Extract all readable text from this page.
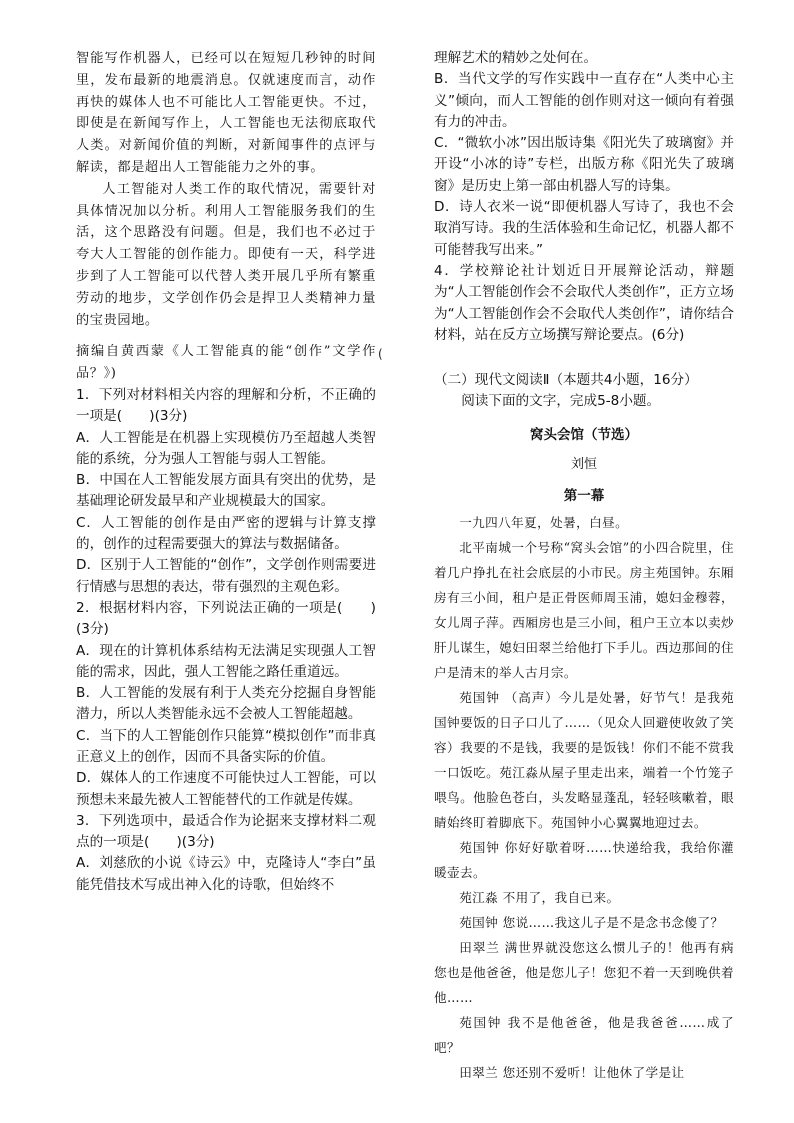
智能写作机器人，已经可以在短短几秒钟的时间里，发布最新的地震消息。仅就速度而言，动作再快的媒体人也不可能比人工智能更快。不过，即使是在新闻写作上，人工智能也无法彻底取代人类。对新闻价值的判断，对新闻事件的点评与解读，都是超出人工智能能力之外的事。
人工智能对人类工作的取代情况，需要针对具体情况加以分析。利用人工智能服务我们的生活，这个思路没有问题。但是，我们也不必过于夸大人工智能的创作能力。即使有一天，科学进步到了人工智能可以代替人类开展几乎所有繁重劳动的地步，文学创作仍会是捍卫人类精神力量的宝贵园地。
摘编自黄西蒙《人工智能真的能“创作”文学作品？》)
1．下列对材料相关内容的理解和分析，不正确的一项是(　　)(3分)
A．人工智能是在机器上实现模仿乃至超越人类智能的系统，分为强人工智能与弱人工智能。
B．中国在人工智能发展方面具有突出的优势，是基础理论研发最早和产业规模最大的国家。
C．人工智能的创作是由严密的逻辑与计算支撑的，创作的过程需要强大的算法与数据储备。
D．区别于人工智能的“创作”，文学创作则需要进行情感与思想的表达，带有强烈的主观色彩。
2．根据材料内容，下列说法正确的一项是(　　)(3分)
A．现在的计算机体系结构无法满足实现强人工智能的需求，因此，强人工智能之路任重道远。
B．人工智能的发展有利于人类充分挖掘自身智能潜力，所以人类智能永远不会被人工智能超越。
C．当下的人工智能创作只能算“模拟创作”而非真正意义上的创作，因而不具备实际的价值。
D．媒体人的工作速度不可能快过人工智能，可以预想未来最先被人工智能替代的工作就是传媒。
3．下列选项中，最适合作为论据来支撑材料二观点的一项是(　　)(3分)
A．刘慈欣的小说《诗云》中，克隆诗人“李白”虽能凭借技术写成出神入化的诗歌，但始终不
(
理解艺术的精妙之处何在。
B．当代文学的写作实践中一直存在“人类中心主义”倾向，而人工智能的创作则对这一倾向有着强有力的冲击。
C．“微软小冰”因出版诗集《阳光失了玻璃窗》并开设“小冰的诗”专栏，出版方称《阳光失了玻璃窗》是历史上第一部由机器人写的诗集。
D．诗人衣米一说“即便机器人写诗了，我也不会取消写诗。我的生活体验和生命记忆，机器人都不可能替我写出来。”
4．学校辩论社计划近日开展辩论活动，辩题为“人工智能创作会不会取代人类创作”，正方立场为“人工智能创作会不会取代人类创作”，请你结合材料，站在反方立场撰写辩论要点。(6分)
（二）现代文阅读Ⅱ（本题共4小题，16分）
阅读下面的文字，完成5-8小题。
窝头会馆（节选）
刘恒
第一幕
一九四八年夏，处暑，白昼。
北平南城一个号称“窝头会馆”的小四合院里，住着几户挣扎在社会底层的小市民。房主苑国钟。东厢房有三小间，租户是正骨医师周玉浦，媳妇金穆蓉，女儿周子萍。西厢房也是三小间，租户王立本以卖炒肝儿谋生，媳妇田翠兰给他打下手儿。西边那间的住户是清末的举人古月宗。
苑国钟 （高声）今儿是处暑，好节气！是我苑国钟要饭的日子口儿了……（见众人回避使收敛了笑容）我要的不是钱，我要的是饭钱！你们不能不赏我一口饭吃。苑江淼从屋子里走出来，端着一个竹笼子喂鸟。他脸色苍白，头发略显蓬乱，轻轻咳嗽着，眼睛始终盯着脚底下。苑国钟小心翼翼地迎过去。
苑国钟 你好好歇着呀……快递给我，我给你灌暖壶去。
苑江淼 不用了，我自已来。
苑国钟 您说……我这儿子是不是念书念傻了？
田翠兰 满世界就没您这么惯儿子的！他再有病您也是他爸爸，他是您儿子！您犯不着一天到晚供着他……
苑国钟 我不是他爸爸，他是我爸爸……成了吧？
田翠兰 您还别不爱听！让他休了学是让
